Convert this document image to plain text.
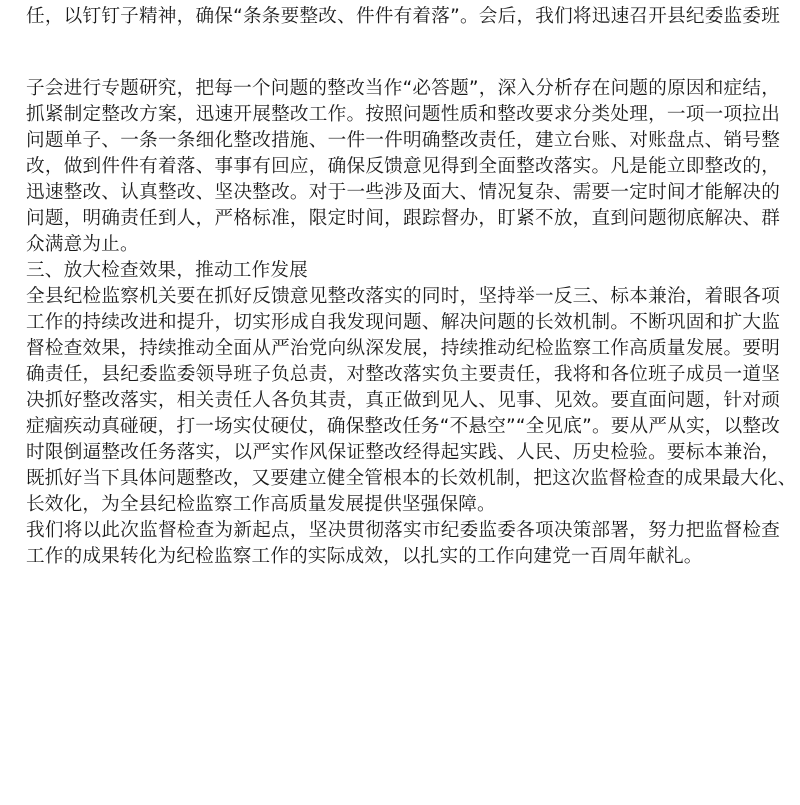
任，以钉钉子精神，确保“条条要整改、件件有着落”。会后，我们将迅速召开县纪委监委班
子会进行专题研究，把每一个问题的整改当作“必答题”，深入分析存在问题的原因和症结，
抓紧制定整改方案，迅速开展整改工作。按照问题性质和整改要求分类处理，一项一项拉出
问题单子、一条一条细化整改措施、一件一件明确整改责任，建立台账、对账盘点、销号整
改，做到件件有着落、事事有回应，确保反馈意见得到全面整改落实。凡是能立即整改的，
迅速整改、认真整改、坚决整改。对于一些涉及面大、情况复杂、需要一定时间才能解决的
问题，明确责任到人，严格标准，限定时间，跟踪督办，盯紧不放，直到问题彻底解决、群
众满意为止。
三、放大检查效果，推动工作发展
全县纪检监察机关要在抓好反馈意见整改落实的同时，坚持举一反三、标本兼治，着眼各项
工作的持续改进和提升，切实形成自我发现问题、解决问题的长效机制。不断巩固和扩大监
督检查效果，持续推动全面从严治党向纵深发展，持续推动纪检监察工作高质量发展。要明
确责任，县纪委监委领导班子负总责，对整改落实负主要责任，我将和各位班子成员一道坚
决抓好整改落实，相关责任人各负其责，真正做到见人、见事、见效。要直面问题，针对顽
症痼疾动真碰硬，打一场实仗硬仗，确保整改任务“不悬空”“全见底”。要从严从实，以整改
时限倒逼整改任务落实，以严实作风保证整改经得起实践、人民、历史检验。要标本兼治，
既抓好当下具体问题整改，又要建立健全管根本的长效机制，把这次监督检查的成果最大化、
长效化，为全县纪检监察工作高质量发展提供坚强保障。
我们将以此次监督检查为新起点，坚决贯彻落实市纪委监委各项决策部署，努力把监督检查
工作的成果转化为纪检监察工作的实际成效，以扎实的工作向建党一百周年献礼。
